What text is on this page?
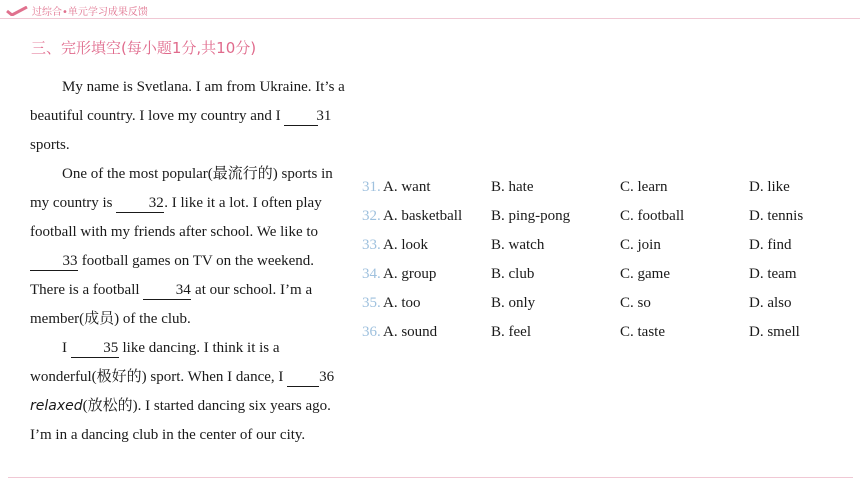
过综合•单元学习成果反馈
三、完形填空(每小题1分,共10分)

My name is Svetlana. I am from Ukraine. It’s a beautiful country. I love my country and I 31 sports.

One of the most popular(最流行的) sports in my country is 32. I like it a lot. I often play football with my friends after school. We like to 33 football games on TV on the weekend. There is a football 34 at our school. I’m a member(成员) of the club.

I 35 like dancing. I think it is a wonderful(极好的) sport. When I dance, I 36 relaxed(放松的). I started dancing six years ago. I’m in a dancing club in the center of our city.

31. A. want	B. hate	C. learn	D. like
32. A. basketball	B. ping-pong	C. football	D. tennis
33. A. look	B. watch	C. join	D. find
34. A. group	B. club	C. game	D. team
35. A. too	B. only	C. so	D. also
36. A. sound	B. feel	C. taste	D. smell
